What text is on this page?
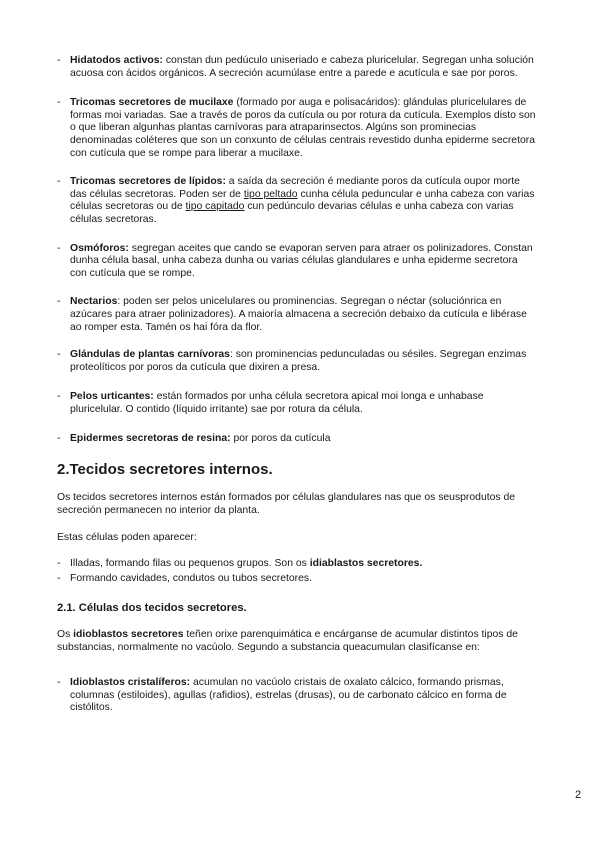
- Hidatodos activos: constan dun pedúculo uniseriado e cabeza pluricelular. Segregan unha solución acuosa con ácidos orgánicos. A secreción acumúlase entre a parede e acutícula e sae por poros.

- Tricomas secretores de mucilaxe (formado por auga e polisacáridos): glándulas pluricelulares de formas moi variadas. Sae a través de poros da cutícula ou por rotura da cutícula. Exemplos disto son o que liberan algunhas plantas carnívoras para atraparinsectos. Algúns son prominecias denominadas coléteres que son un conxunto de células centrais revestido dunha epiderme secretora con cutícula que se rompe para liberar a mucilaxe.

- Tricomas secretores de lípidos: a saída da secreción é mediante poros da cutícula oupor morte das células secretoras. Poden ser de tipo peltado cunha célula peduncular e unha cabeza con varias células secretoras ou de tipo capitado cun pedúnculo devarias células e unha cabeza con varias células secretoras.

- Osmóforos: segregan aceites que cando se evaporan serven para atraer os polinizadores. Constan dunha célula basal, unha cabeza dunha ou varias células glandulares e unha epiderme secretora con cutícula que se rompe.

- Nectarios: poden ser pelos unicelulares ou prominencias. Segregan o néctar (soluciónrica en azúcares para atraer polinizadores). A maioría almacena a secreción debaixo da cutícula e libérase ao romper esta. Tamén os hai fóra da flor.

- Glándulas de plantas carnívoras: son prominencias pedunculadas ou sésiles. Segregan enzimas proteolíticos por poros da cutícula que dixiren a presa.

- Pelos urticantes: están formados por unha célula secretora apical moi longa e unhabase pluricelular. O contido (líquido irritante) sae por rotura da célula.

- Epidermes secretoras de resina: por poros da cutícula

2.Tecidos secretores internos.

Os tecidos secretores internos están formados por células glandulares nas que os seusprodutos de secreción permanecen no interior da planta.

Estas células poden aparecer:

- Illadas, formando filas ou pequenos grupos. Son os idiablastos secretores.

- Formando cavidades, condutos ou tubos secretores.

2.1. Células dos tecidos secretores.

Os idioblastos secretores teñen orixe parenquimática e encárganse de acumular distintos tipos de substancias, normalmente no vacúolo. Segundo a substancia queacumulan clasifícanse en:

- Idioblastos cristalíferos: acumulan no vacúolo cristais de oxalato cálcico, formando prismas, columnas (estiloides), agullas (rafidios), estrelas (drusas), ou de carbonato cálcico en forma de cistólitos.

2
